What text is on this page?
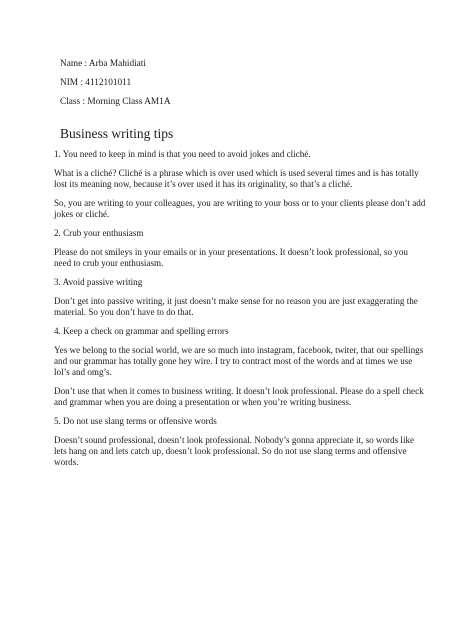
Name : Arba Mahidiati
NIM : 4112101011
Class : Morning Class AM1A
Business writing tips

1. You need to keep in mind is that you need to avoid jokes and cliché.

What is a cliché? Cliché is a phrase which is over used which is used several times and is has totally lost its meaning now, because it’s over used it has its originality, so that’s a cliché.

So, you are writing to your colleagues, you are writing to your boss or to your clients please don’t add jokes or cliché.

2. Crub your enthusiasm

Please do not smileys in your emails or in your presentations. It doesn’t look professional, so you need to crub your enthusiasm.

3. Avoid passive writing

Don’t get into passive writing, it just doesn’t make sense for no reason you are just exaggerating the material. So you don’t have to do that.

4. Keep a check on grammar and spelling errors

Yes we belong to the social world, we are so much into instagram, facebook, twiter, that our spellings and our grammar has totally gone hey wire. I try to contract most of the words and at times we use lol’s and omg’s.

Don’t use that when it comes to business writing. It doesn’t look professional. Please do a spell check and grammar when you are doing a presentation or when you’re writing business.

5. Do not use slang terms or offensive words

Doesn’t sound professional, doesn’t look professional. Nobody’s gonna appreciate it, so words like lets hang on and lets catch up, doesn’t look professional. So do not use slang terms and offensive words.
